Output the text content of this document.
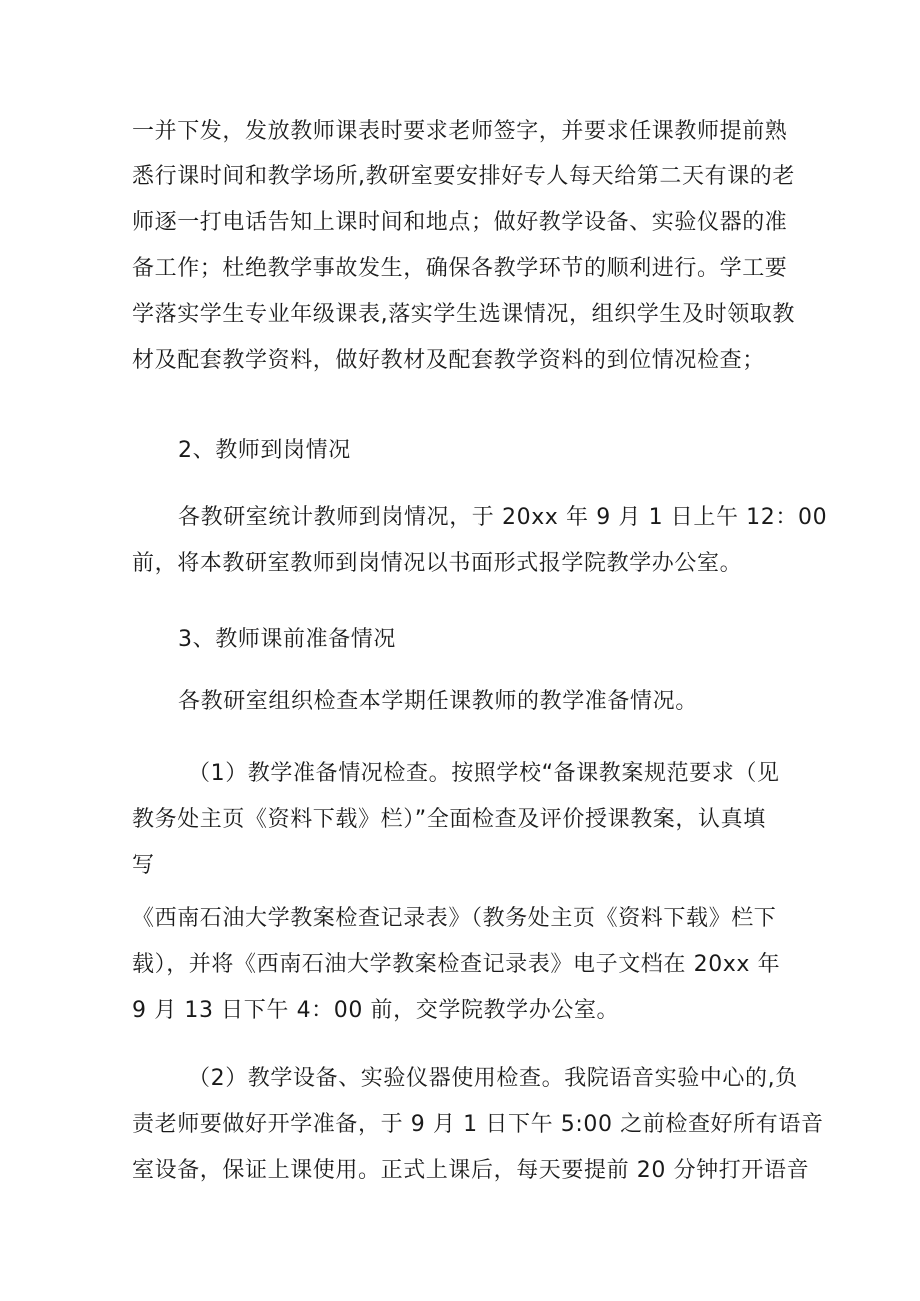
一并下发，发放教师课表时要求老师签字，并要求任课教师提前熟
悉行课时间和教学场所,教研室要安排好专人每天给第二天有课的老
师逐一打电话告知上课时间和地点；做好教学设备、实验仪器的准
备工作；杜绝教学事故发生，确保各教学环节的顺利进行。学工要
学落实学生专业年级课表,落实学生选课情况，组织学生及时领取教
材及配套教学资料，做好教材及配套教学资料的到位情况检查；
2、教师到岗情况
各教研室统计教师到岗情况，于 20xx 年 9 月 1 日上午 12：00
前，将本教研室教师到岗情况以书面形式报学院教学办公室。
3、教师课前准备情况
各教研室组织检查本学期任课教师的教学准备情况。
（1）教学准备情况检查。按照学校“备课教案规范要求（见
教务处主页《资料下载》栏）”全面检查及评价授课教案，认真填
写
《西南石油大学教案检查记录表》（教务处主页《资料下载》栏下
载），并将《西南石油大学教案检查记录表》电子文档在 20xx 年
9 月 13 日下午 4：00 前，交学院教学办公室。
（2）教学设备、实验仪器使用检查。我院语音实验中心的,负
责老师要做好开学准备，于 9 月 1 日下午 5:00 之前检查好所有语音
室设备，保证上课使用。正式上课后，每天要提前 20 分钟打开语音
